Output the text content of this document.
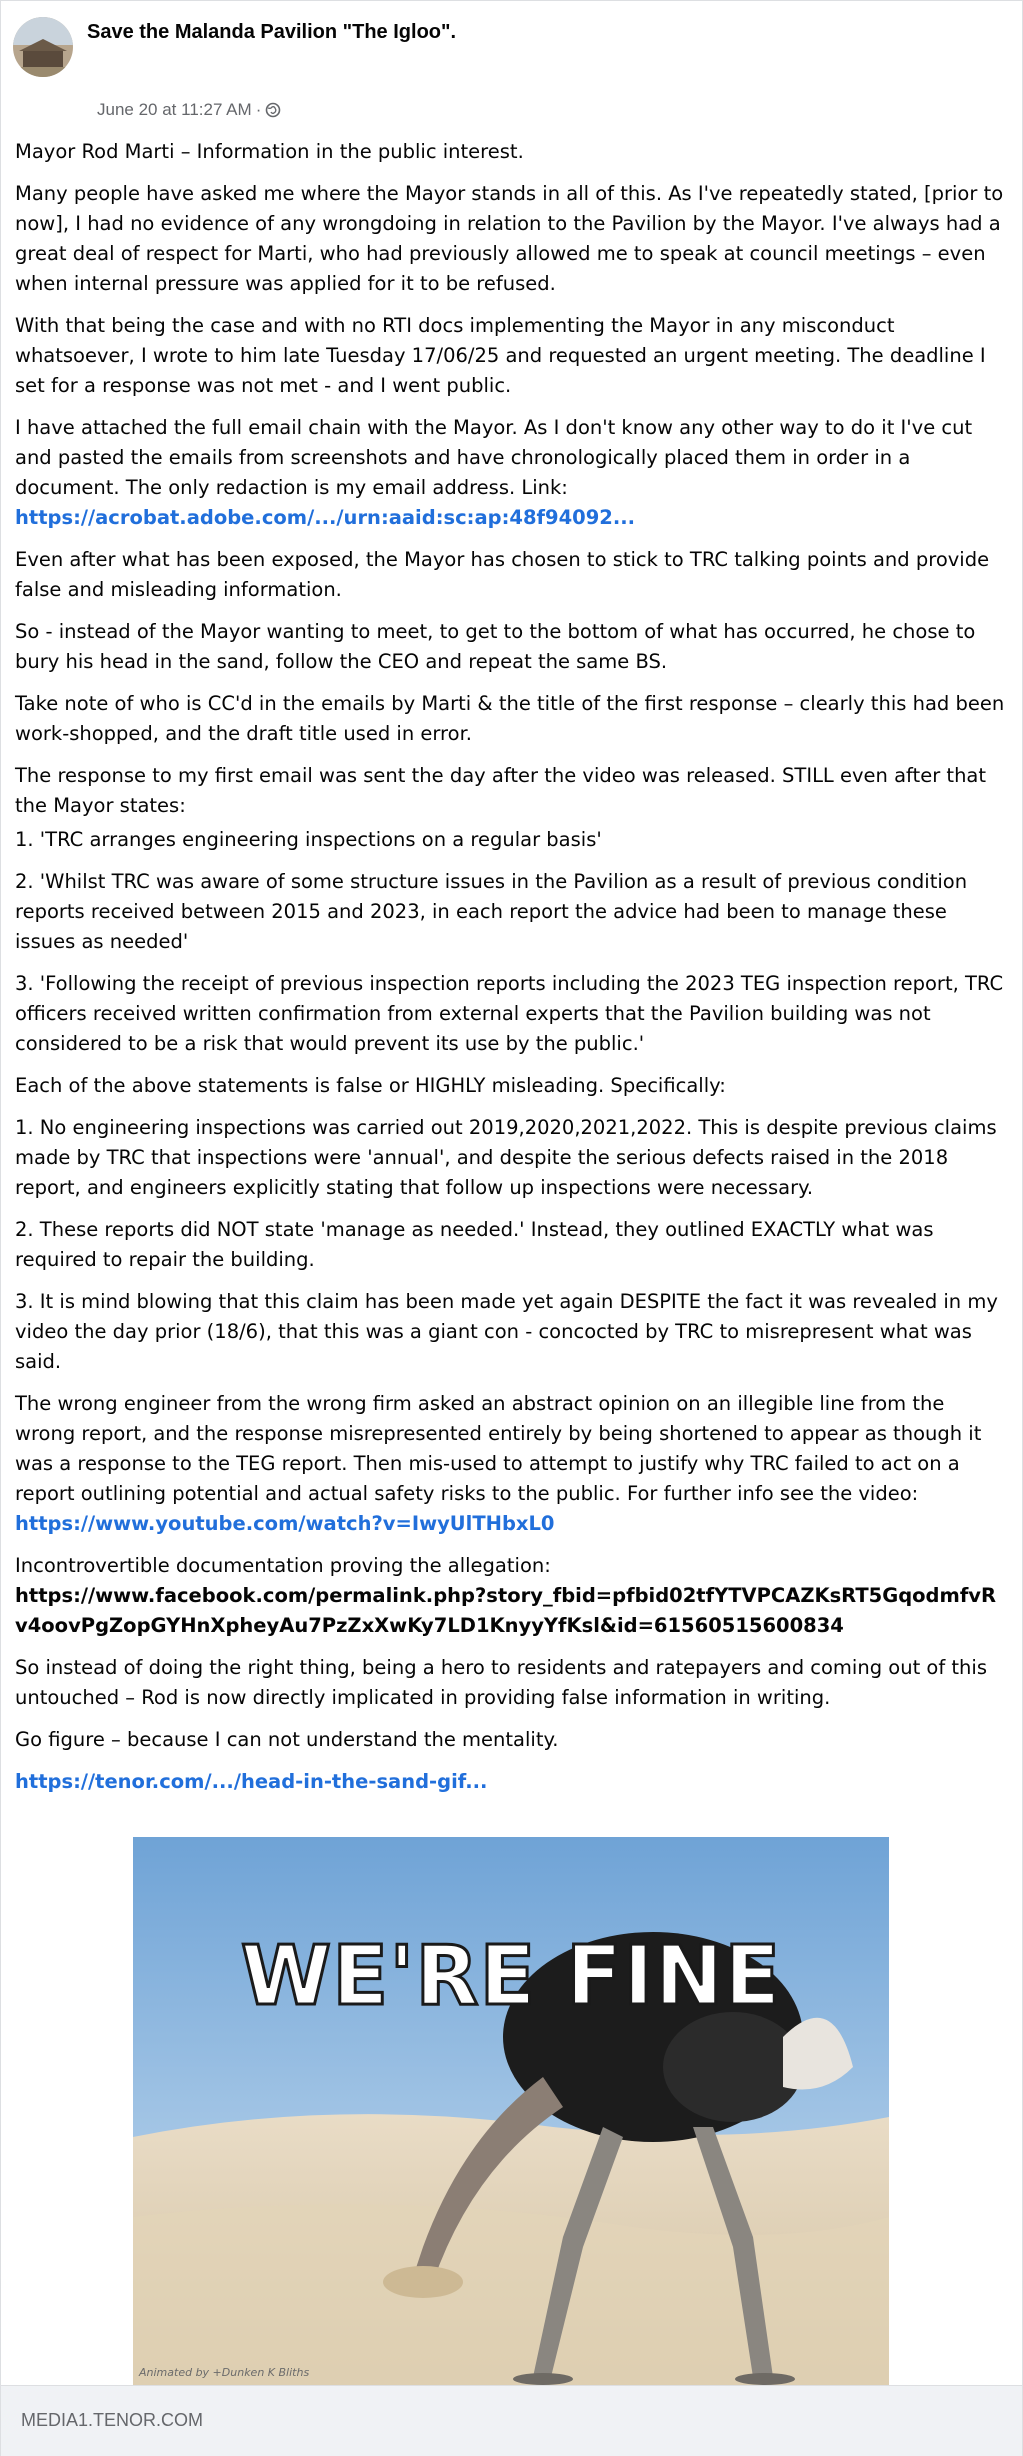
Save the Malanda Pavilion "The Igloo".
June 20 at 11:27 AM ·

Mayor Rod Marti – Information in the public interest.

Many people have asked me where the Mayor stands in all of this. As I've repeatedly stated, [prior to now], I had no evidence of any wrongdoing in relation to the Pavilion by the Mayor. I've always had a great deal of respect for Marti, who had previously allowed me to speak at council meetings – even when internal pressure was applied for it to be refused.

With that being the case and with no RTI docs implementing the Mayor in any misconduct whatsoever, I wrote to him late Tuesday 17/06/25 and requested an urgent meeting. The deadline I set for a response was not met - and I went public.

I have attached the full email chain with the Mayor. As I don't know any other way to do it I've cut and pasted the emails from screenshots and have chronologically placed them in order in a document. The only redaction is my email address. Link: https://acrobat.adobe.com/.../urn:aaid:sc:ap:48f94092...

Even after what has been exposed, the Mayor has chosen to stick to TRC talking points and provide false and misleading information.

So - instead of the Mayor wanting to meet, to get to the bottom of what has occurred, he chose to bury his head in the sand, follow the CEO and repeat the same BS.

Take note of who is CC'd in the emails by Marti & the title of the first response – clearly this had been work-shopped, and the draft title used in error.

The response to my first email was sent the day after the video was released. STILL even after that the Mayor states:

1. 'TRC arranges engineering inspections on a regular basis'

2. 'Whilst TRC was aware of some structure issues in the Pavilion as a result of previous condition reports received between 2015 and 2023, in each report the advice had been to manage these issues as needed'

3. 'Following the receipt of previous inspection reports including the 2023 TEG inspection report, TRC officers received written confirmation from external experts that the Pavilion building was not considered to be a risk that would prevent its use by the public.'

Each of the above statements is false or HIGHLY misleading. Specifically:

1. No engineering inspections was carried out 2019,2020,2021,2022. This is despite previous claims made by TRC that inspections were 'annual', and despite the serious defects raised in the 2018 report, and engineers explicitly stating that follow up inspections were necessary.

2. These reports did NOT state 'manage as needed.' Instead, they outlined EXACTLY what was required to repair the building.

3. It is mind blowing that this claim has been made yet again DESPITE the fact it was revealed in my video the day prior (18/6), that this was a giant con - concocted by TRC to misrepresent what was said.

The wrong engineer from the wrong firm asked an abstract opinion on an illegible line from the wrong report, and the response misrepresented entirely by being shortened to appear as though it was a response to the TEG report. Then mis-used to attempt to justify why TRC failed to act on a report outlining potential and actual safety risks to the public. For further info see the video:
https://www.youtube.com/watch?v=IwyUlTHbxL0

Incontrovertible documentation proving the allegation:
https://www.facebook.com/permalink.php?story_fbid=pfbid02tfYTVPCAZKsRT5GqodmfvRv4oovPgZopGYHnXpheyAu7PzZxXwKy7LD1KnyyYfKsl&id=61560515600834

So instead of doing the right thing, being a hero to residents and ratepayers and coming out of this untouched – Rod is now directly implicated in providing false information in writing.

Go figure – because I can not understand the mentality.

https://tenor.com/.../head-in-the-sand-gif...

WE'RE FINE
Animated by +Dunken K Bliths
MEDIA1.TENOR.COM
